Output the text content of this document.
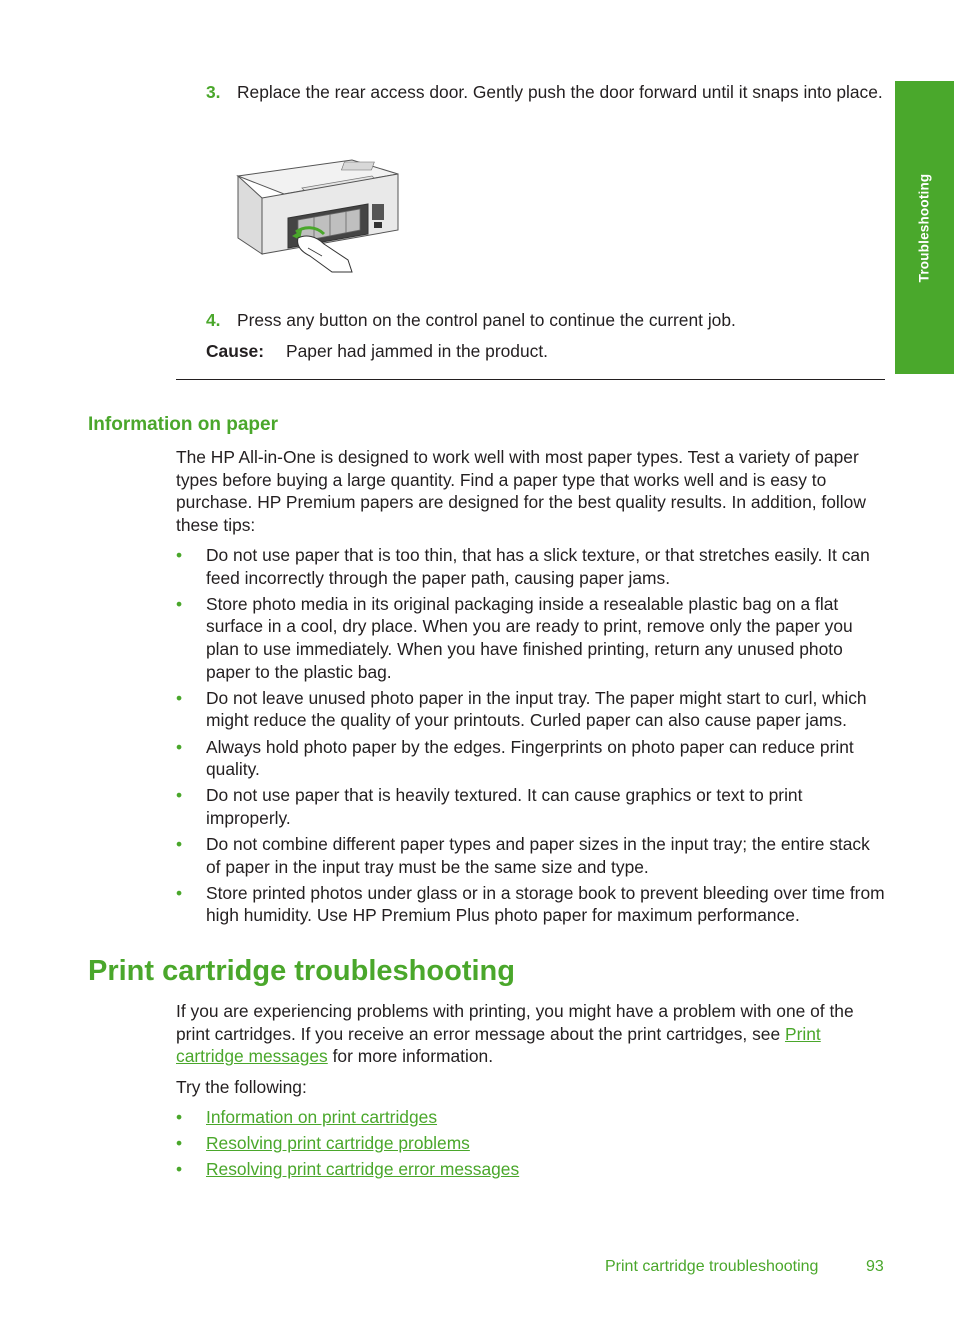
Troubleshooting
3. Replace the rear access door. Gently push the door forward until it snaps into place.
4. Press any button on the control panel to continue the current job.
Cause: Paper had jammed in the product.
Information on paper

The HP All-in-One is designed to work well with most paper types. Test a variety of paper types before buying a large quantity. Find a paper type that works well and is easy to purchase. HP Premium papers are designed for the best quality results. In addition, follow these tips:

• Do not use paper that is too thin, that has a slick texture, or that stretches easily. It can feed incorrectly through the paper path, causing paper jams.
• Store photo media in its original packaging inside a resealable plastic bag on a flat surface in a cool, dry place. When you are ready to print, remove only the paper you plan to use immediately. When you have finished printing, return any unused photo paper to the plastic bag.
• Do not leave unused photo paper in the input tray. The paper might start to curl, which might reduce the quality of your printouts. Curled paper can also cause paper jams.
• Always hold photo paper by the edges. Fingerprints on photo paper can reduce print quality.
• Do not use paper that is heavily textured. It can cause graphics or text to print improperly.
• Do not combine different paper types and paper sizes in the input tray; the entire stack of paper in the input tray must be the same size and type.
• Store printed photos under glass or in a storage book to prevent bleeding over time from high humidity. Use HP Premium Plus photo paper for maximum performance.
Print cartridge troubleshooting

If you are experiencing problems with printing, you might have a problem with one of the print cartridges. If you receive an error message about the print cartridges, see Print cartridge messages for more information.

Try the following:

• Information on print cartridges
• Resolving print cartridge problems
• Resolving print cartridge error messages
Print cartridge troubleshooting	93
